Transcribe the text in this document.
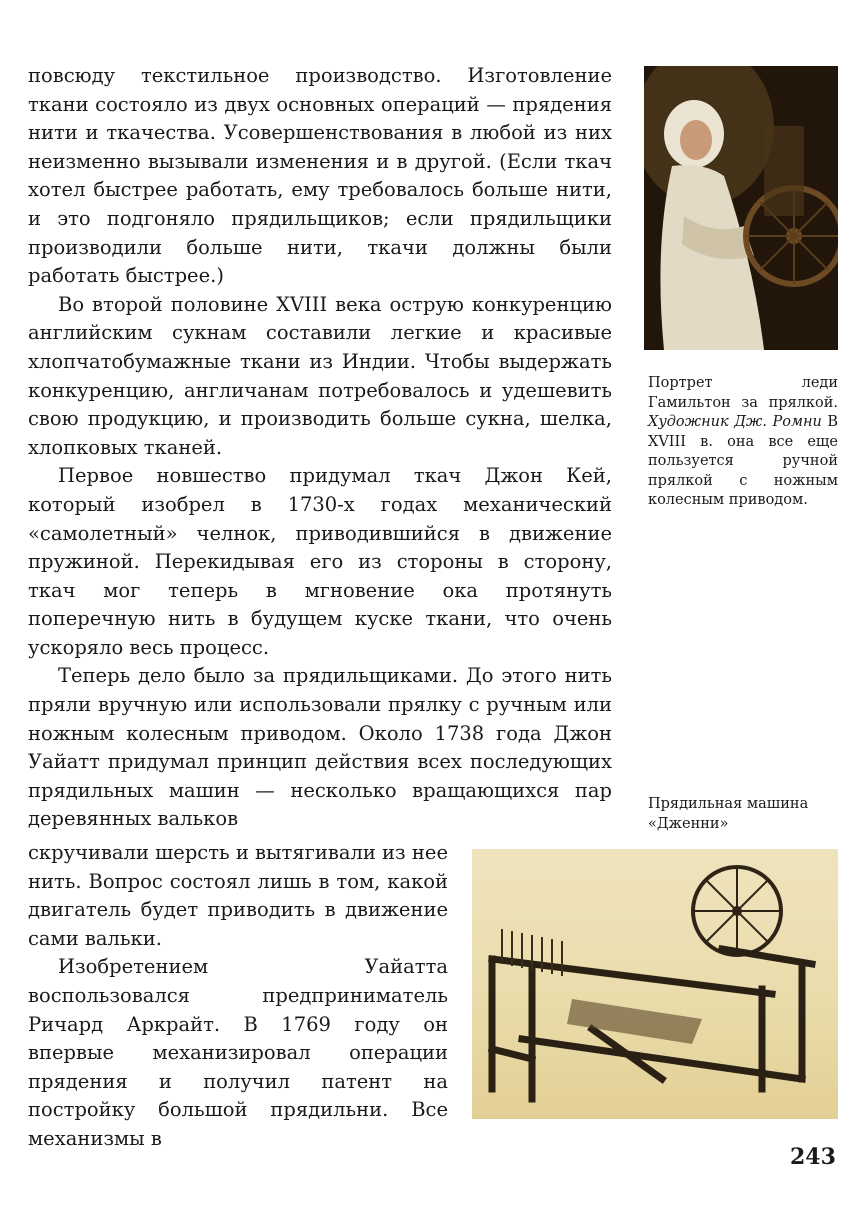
повсюду текстильное производство. Изготовление ткани состояло из двух основных операций — прядения нити и ткачества. Усовершенствования в любой из них неизменно вызывали изменения и в другой. (Если ткач хотел быстрее работать, ему требовалось больше нити, и это подгоняло прядильщиков; если прядильщики производили больше нити, ткачи должны были работать быстрее.)

Во второй половине XVIII века острую конкуренцию английским сукнам составили легкие и красивые хлопчатобумажные ткани из Индии. Чтобы выдержать конкуренцию, англичанам потребовалось и удешевить свою продукцию, и производить больше сукна, шелка, хлопковых тканей.

Первое новшество придумал ткач Джон Кей, который изобрел в 1730-х годах механический «самолетный» челнок, приводившийся в движение пружиной. Перекидывая его из стороны в сторону, ткач мог теперь в мгновение ока протянуть поперечную нить в будущем куске ткани, что очень ускоряло весь процесс.

Теперь дело было за прядильщиками. До этого нить пряли вручную или использовали прялку с ручным или ножным колесным приводом. Около 1738 года Джон Уайатт придумал принцип действия всех последующих прядильных машин — несколько вращающихся пар деревянных вальков

скручивали шерсть и вытягивали из нее нить. Вопрос состоял лишь в том, какой двигатель будет приводить в движение сами вальки.

Изобретением Уайатта воспользовался предприниматель Ричард Аркрайт. В 1769 году он впервые механизировал операции прядения и получил патент на постройку большой прядильни. Все механизмы в

Портрет леди Гамильтон за прялкой. Художник Дж. Ромни В XVIII в. она все еще пользуется ручной прялкой с ножным колесным приводом.
Прядильная машина «Дженни»
243
